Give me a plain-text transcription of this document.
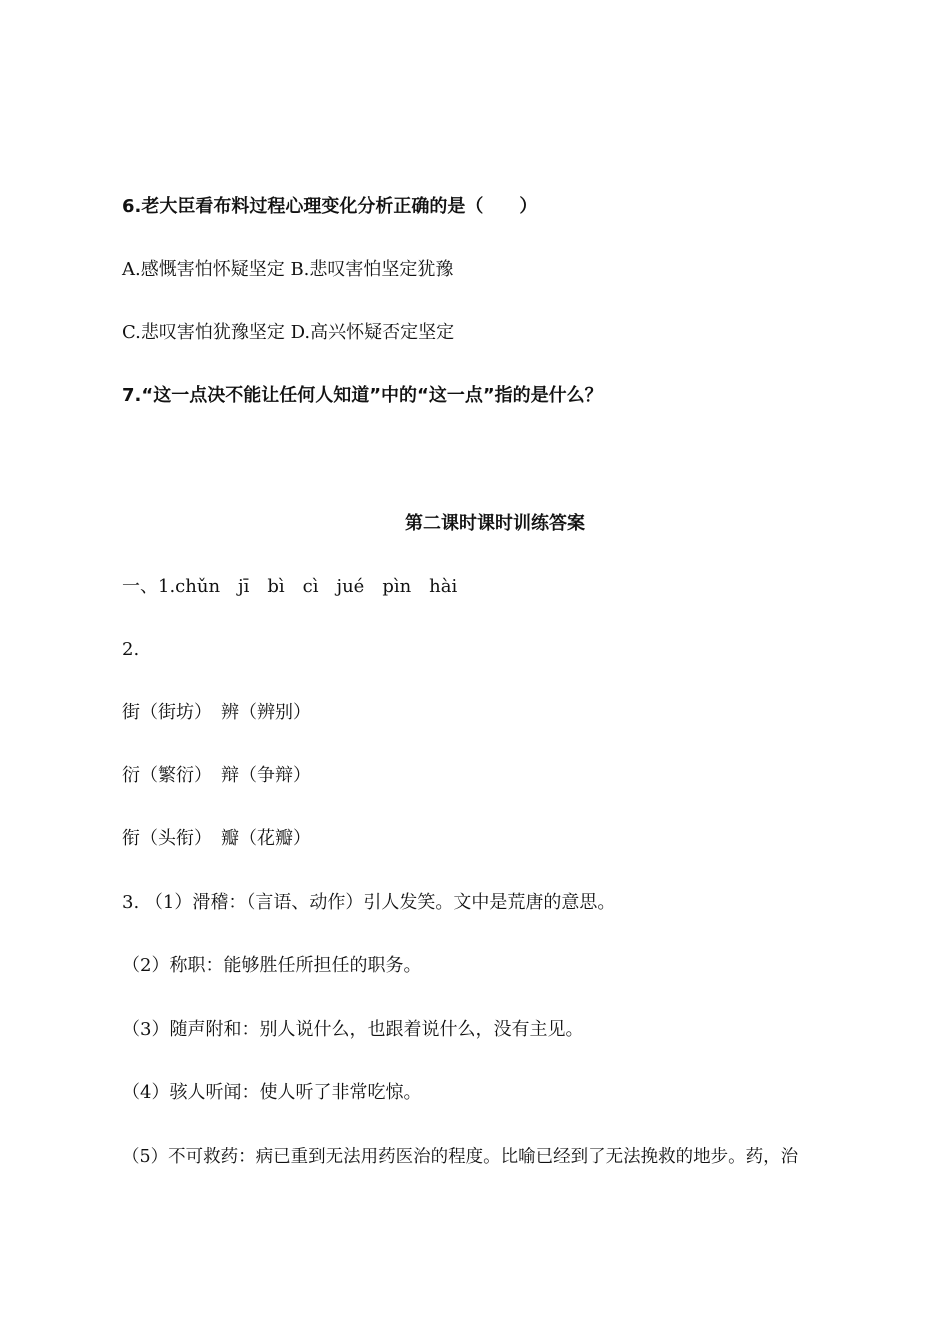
6.老大臣看布料过程心理变化分析正确的是（　　）
A.感慨害怕怀疑坚定 B.悲叹害怕坚定犹豫
C.悲叹害怕犹豫坚定 D.高兴怀疑否定坚定
7.“这一点决不能让任何人知道”中的“这一点”指的是什么？
第二课时课时训练答案
一、1.chǔn　jī　bì　cì　jué　pìn　hài
2.
街（街坊）　辨（辨别）
衍（繁衍）　辩（争辩）
衔（头衔）　瓣（花瓣）
3. （1）滑稽：（言语、动作）引人发笑。文中是荒唐的意思。
（2）称职：能够胜任所担任的职务。
（3）随声附和：别人说什么，也跟着说什么，没有主见。
（4）骇人听闻：使人听了非常吃惊。
（5）不可救药：病已重到无法用药医治的程度。比喻已经到了无法挽救的地步。药，治
